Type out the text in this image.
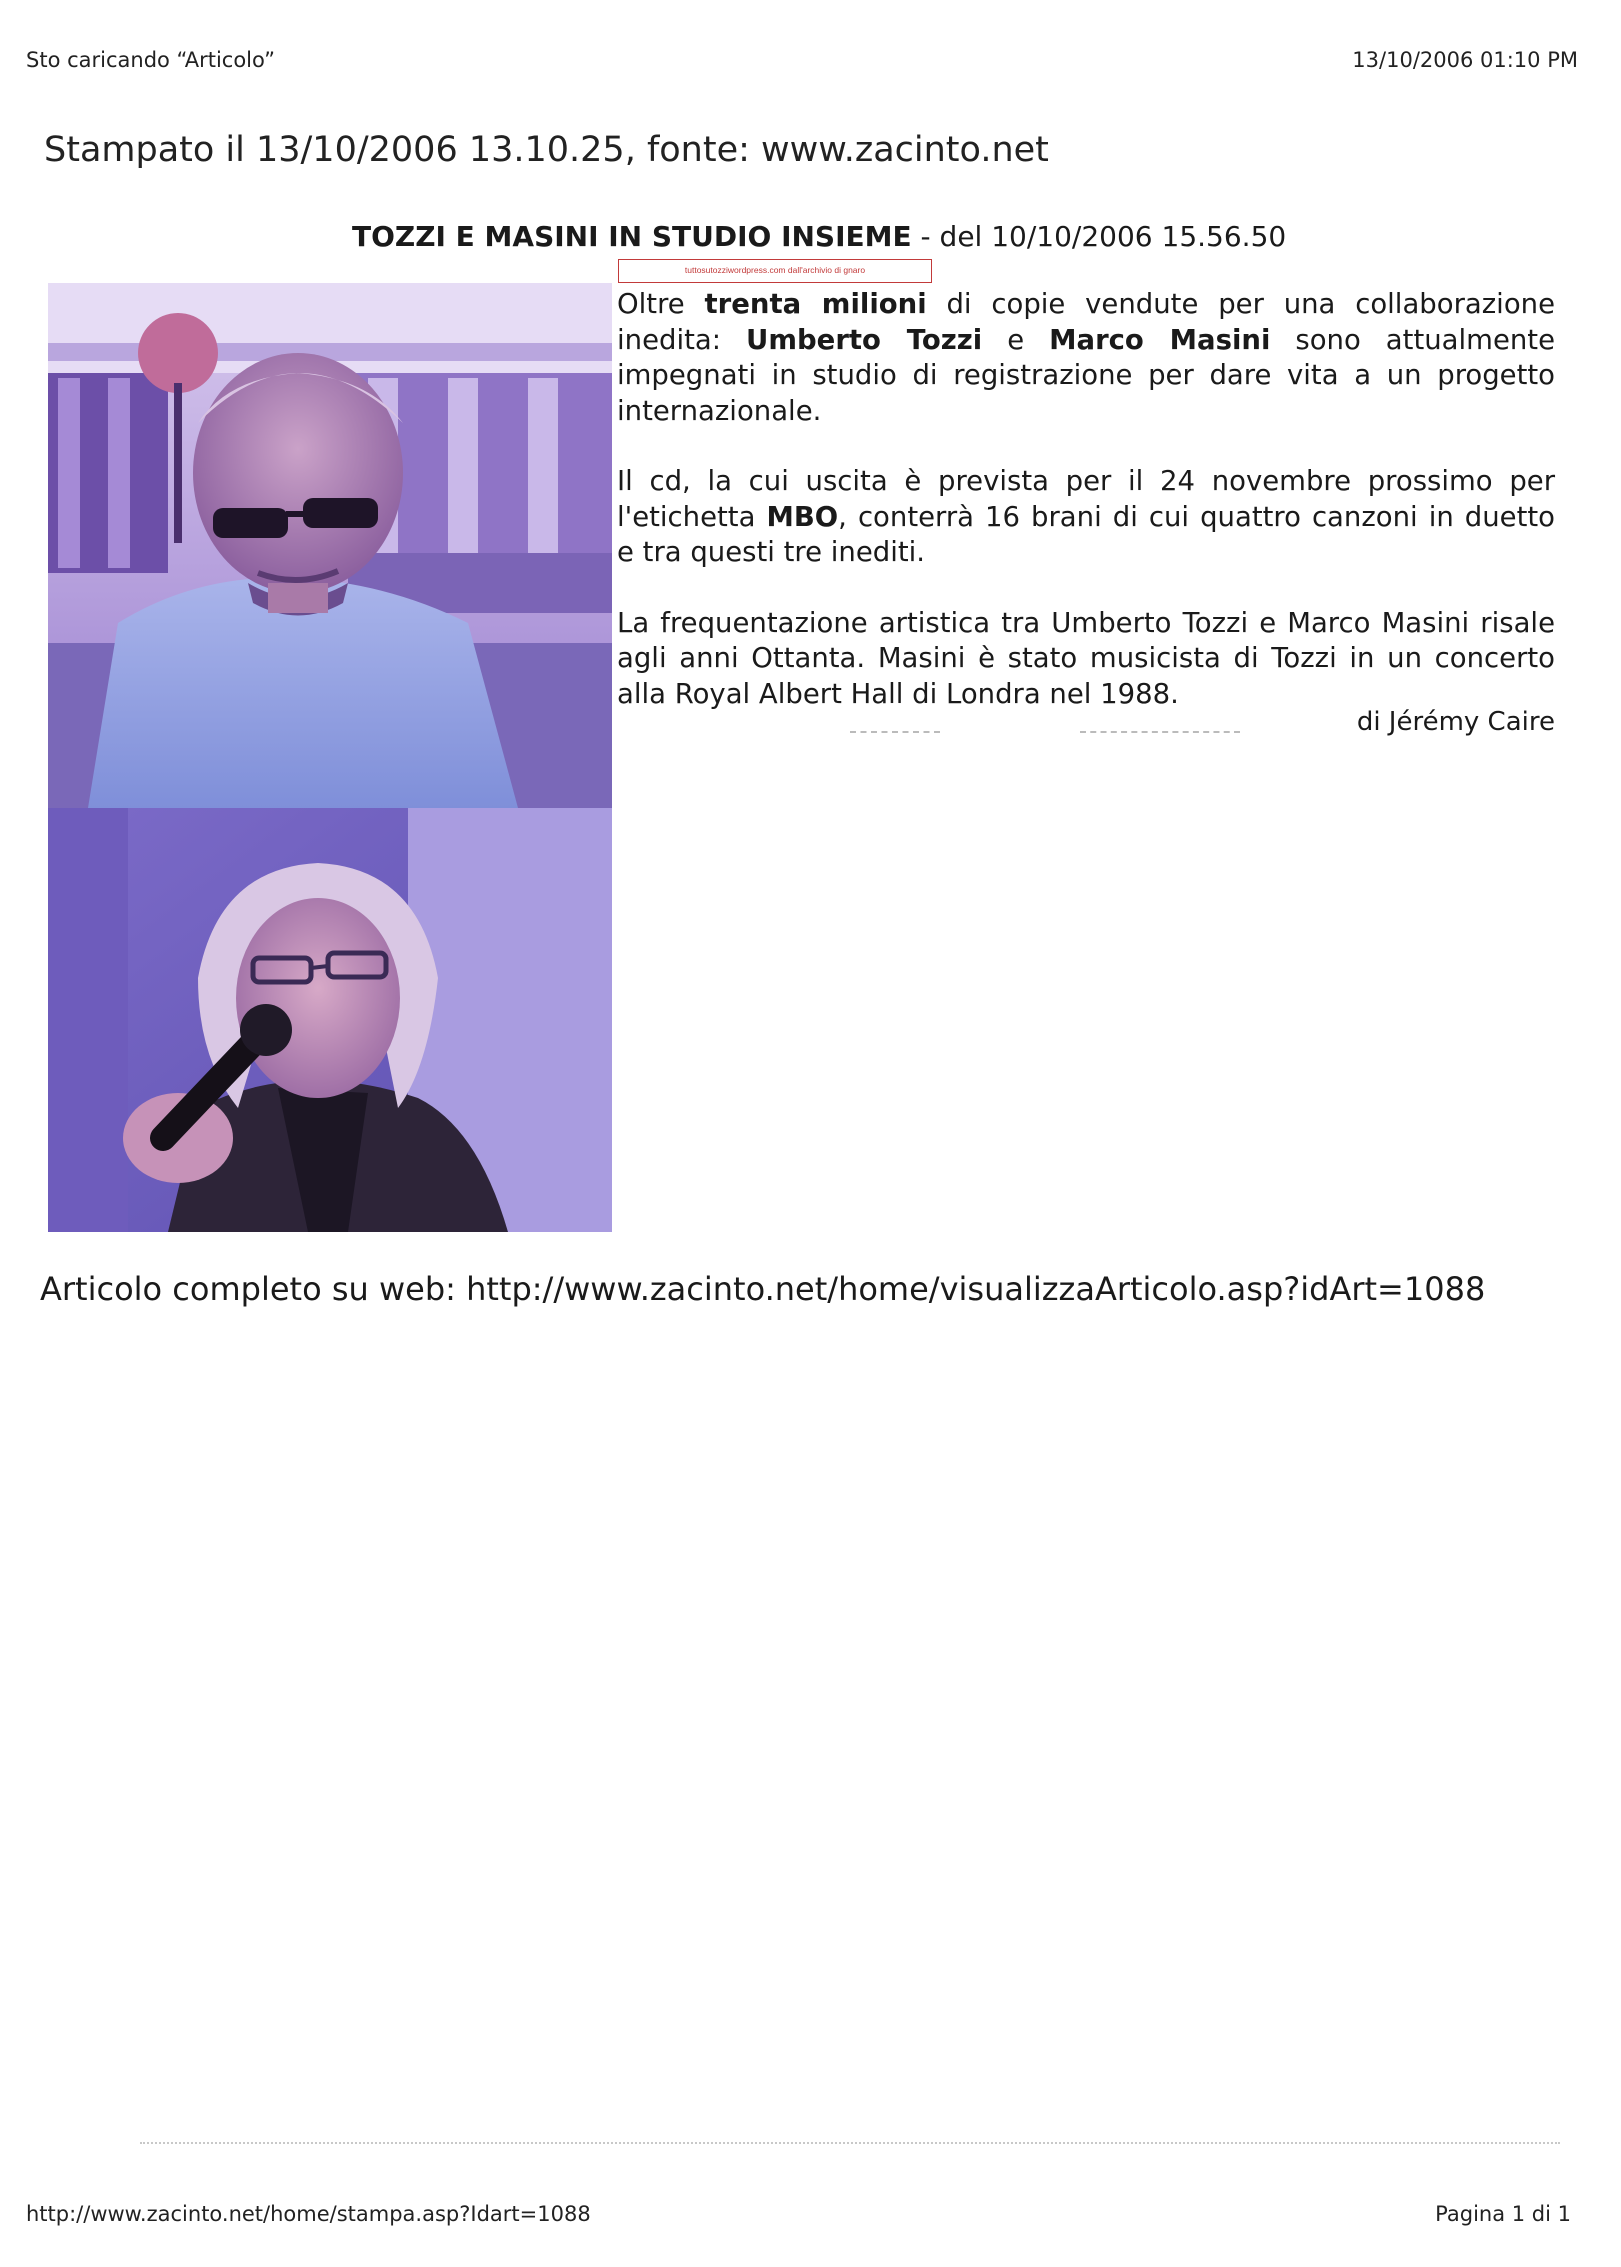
Sto caricando “Articolo”	13/10/2006 01:10 PM
Stampato il 13/10/2006 13.10.25, fonte: www.zacinto.net
TOZZI E MASINI IN STUDIO INSIEME - del 10/10/2006 15.56.50
tuttosutozziwordpress.com dall'archivio di gnaro

Oltre trenta milioni di copie vendute per una collaborazione inedita: Umberto Tozzi e Marco Masini sono attualmente impegnati in studio di registrazione per dare vita a un progetto internazionale.

Il cd, la cui uscita è prevista per il 24 novembre prossimo per l'etichetta MBO, conterrà 16 brani di cui quattro canzoni in duetto e tra questi tre inediti.

La frequentazione artistica tra Umberto Tozzi e Marco Masini risale agli anni Ottanta. Masini è stato musicista di Tozzi in un concerto alla Royal Albert Hall di Londra nel 1988.

di Jérémy Caire
Articolo completo su web: http://www.zacinto.net/home/visualizzaArticolo.asp?idArt=1088
http://www.zacinto.net/home/stampa.asp?Idart=1088	Pagina 1 di 1
